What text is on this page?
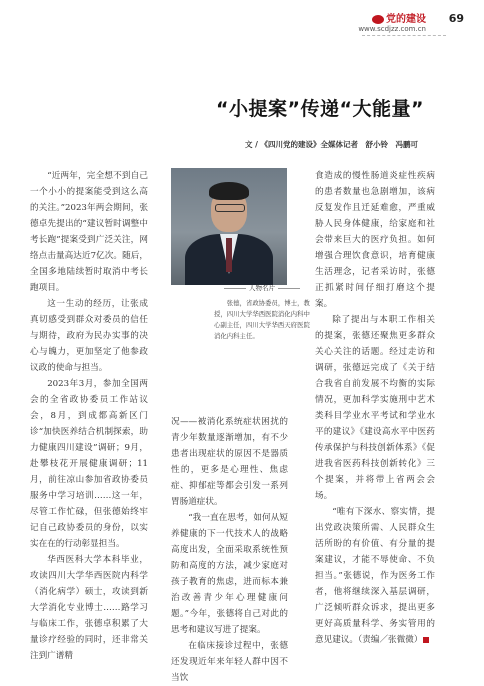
党的建设
www.scdjzz.com.cn
69
“小提案”传递“大能量”
文 / 《四川党的建设》全媒体记者　舒小铃　冯鹏可

“近两年，完全想不到自己一个小小的提案能受到这么高的关注。”2023年两会期间，张德卓先提出的“建议暂时调整中考长跑”提案受到广泛关注，网络点击量高达近7亿次。随后，全国多地陆续暂时取消中考长跑项目。

这一生动的经历，让张成真切感受到群众对委员的信任与期待，政府为民办实事的决心与魄力，更加坚定了他参政议政的使命与担当。

2023年3月，参加全国两会的全省政协委员工作站议会，8月，到成都高新区门诊“加快医养结合机制探索，助力健康四川建设”调研；9月，赴攀枝花开展健康调研；11月，前往凉山参加省政协委员服务中学习培训……这一年，尽管工作忙碌，但张德始终牢记自己政协委员的身份，以实实在在的行动彰显担当。

华西医科大学本科毕业，攻读四川大学华西医院内科学（消化病学）硕士，攻读到新大学消化专业博士……路学习与临床工作，张德卓积累了大量诊疗经验的同时，还非常关注到广谱精

人物名片
张德，省政协委员，博士，教授，四川大学华西医院消化内科中心副主任，四川大学华西天府医院消化内科主任。

况——被消化系统症状困扰的青少年数量逐渐增加，有不少患者出现症状的原因不是器质性的，更多是心理性、焦虑症、抑郁症等都会引发一系列胃肠道症状。

“我一直在思考，如何从短养健康的下一代技术人的战略高度出发，全面采取系统性预防和高度的方法，减少家庭对孩子教育的焦虑，进而标本兼治改善青少年心理健康问题。”今年，张德将自己对此的思考和建议写进了提案。

在临床接诊过程中，张德还发现近年来年轻人群中因不当饮

食造成的慢性肠道炎症性疾病的患者数量也急剧增加，该病反复发作且迁延难愈，严重威胁人民身体健康，给家庭和社会带来巨大的医疗负担。如何增强合理饮食意识，培育健康生活理念，记者采访时，张德正抓紧时间仔细打磨这个提案。

除了提出与本职工作相关的提案，张德还聚焦更多群众关心关注的话题。经过走访和调研，张德远完成了《关于结合我省自前发展不均衡的实际情况，更加科学实施刑中艺术类科目学业水平考试和学业水平的建议》《建设高水平中医药传承保护与科技创新体系》《促进我省医药科技创新转化》三个提案，并将带上省两会会场。

“唯有下深水、察实情，提出党政决策所需、人民群众生活所盼的有价值、有分量的提案建议，才能不辱使命、不负担当。”张德说，作为医务工作者，他将继续深入基层调研，广泛倾听群众诉求，提出更多更好高质量科学、务实管用的意见建议。（责编／张微微）
